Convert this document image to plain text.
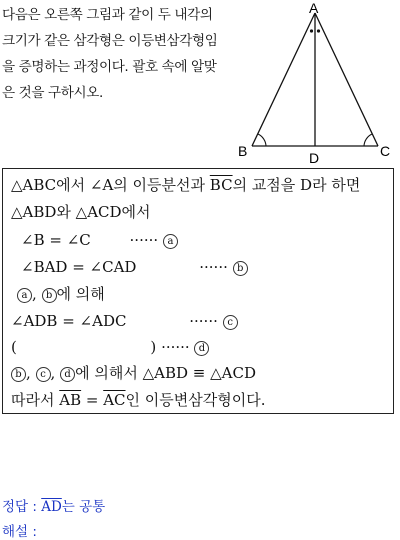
다음은 오른쪽 그림과 같이 두 내각의
크기가 같은 삼각형은 이등변삼각형임
을 증명하는 과정이다. 괄호 속에 알맞
은 것을 구하시오.
A
B	C
D
△ABC에서 ∠A의 이등분선과 $\overline{BC}$의 교점을 D라 하면
△ABD와 △ACD에서
∠B = ∠C	······ a
∠BAD = ∠CAD	······ b
a , b 에 의해
∠ADB = ∠ADC	······ c
(	) ······ d
b , c , d 에 의해서 △ABD ≡ △ACD
따라서 $\overline{AB} = \overline{AC}$인 이등변삼각형이다.
정답 : $\overline{AD}$는 공통
해설 :
